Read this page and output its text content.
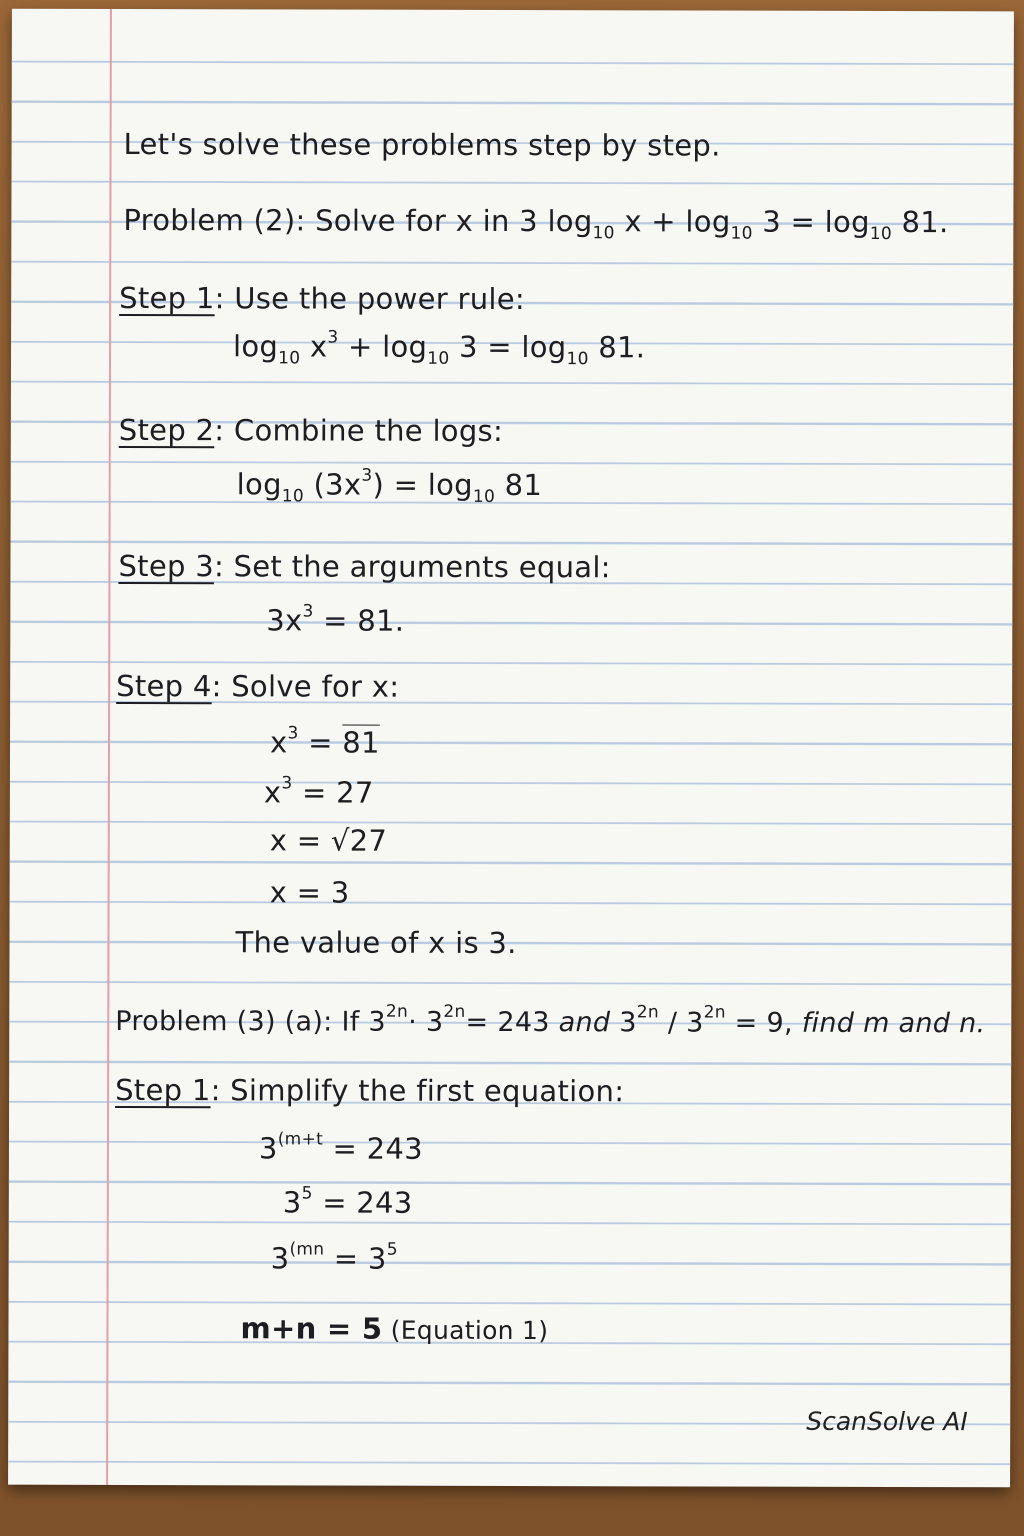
Let's solve these problems step by step.
Problem (2): Solve for x in 3 $\log_{10} x + \log_{10} 3 = \log_{10} 81$.
Step 1: Use the power rule:
$\log_{10} x^3 + \log_{10} 3 = \log_{10} 81$.
Step 2: Combine the logs:
$\log_{10} (3x^3) = \log_{10} 81$
Step 3: Set the arguments equal:
$3x^3 = 81$.
Step 4: Solve for x:
$x^3 = 81$
$x^3 = 27$
x = √27
x = 3
The value of x is 3.
Problem (3) (a): If $3^{2n}\cdot 3^{2n}= 243$ and $3^{2n} / 3^{2n} = 9$, find m and n.
Step 1: Simplify the first equation:
$3^{(m+t} = 243$
$3^5 = 243$
$3^{(mn} = 3^5$
m+n = 5 (Equation 1)
ScanSolve AI
